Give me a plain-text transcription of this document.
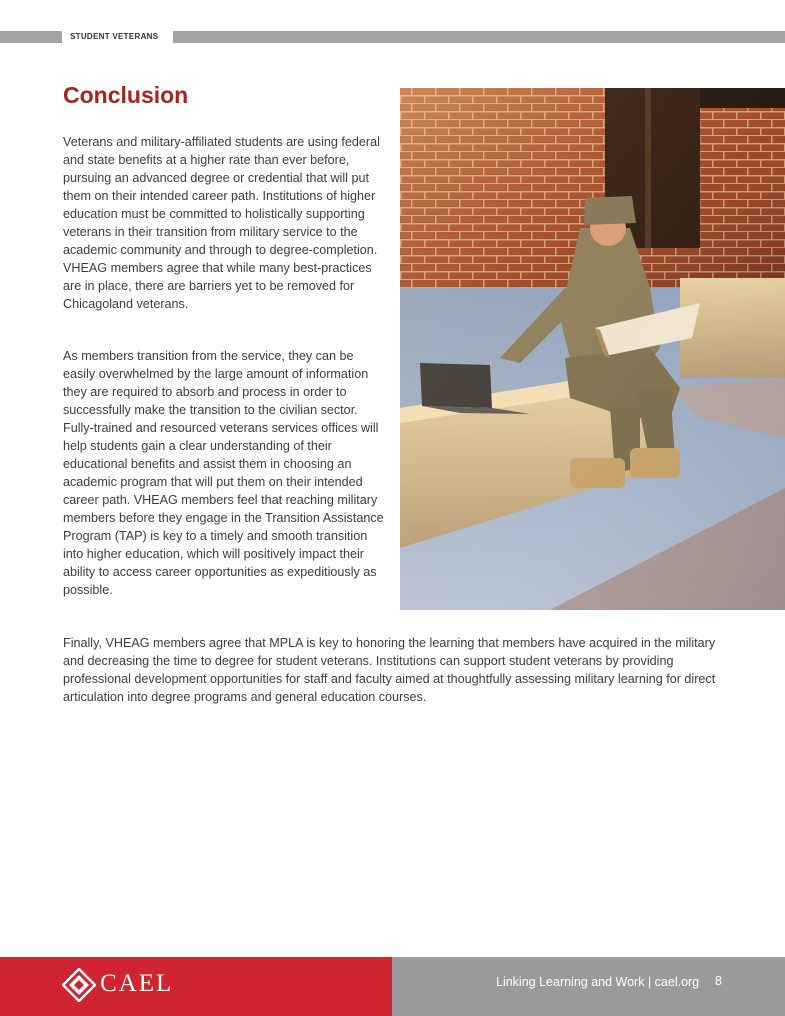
STUDENT VETERANS
Conclusion

Veterans and military-affiliated students are using federal and state benefits at a higher rate than ever before, pursuing an advanced degree or credential that will put them on their intended career path. Institutions of higher education must be committed to holistically supporting veterans in their transition from military service to the academic community and through to degree-completion. VHEAG members agree that while many best-practices are in place, there are barriers yet to be removed for Chicagoland veterans.

As members transition from the service, they can be easily overwhelmed by the large amount of information they are required to absorb and process in order to successfully make the transition to the civilian sector. Fully-trained and resourced veterans services offices will help students gain a clear understanding of their educational benefits and assist them in choosing an academic program that will put them on their intended career path. VHEAG members feel that reaching military members before they engage in the Transition Assistance Program (TAP) is key to a timely and smooth transition into higher education, which will positively impact their ability to access career opportunities as expeditiously as possible.

Finally, VHEAG members agree that MPLA is key to honoring the learning that members have acquired in the military and decreasing the time to degree for student veterans. Institutions can support student veterans by providing professional development opportunities for staff and faculty aimed at thoughtfully assessing military learning for direct articulation into degree programs and general education courses.

CAEL	Linking Learning and Work | cael.org 8
